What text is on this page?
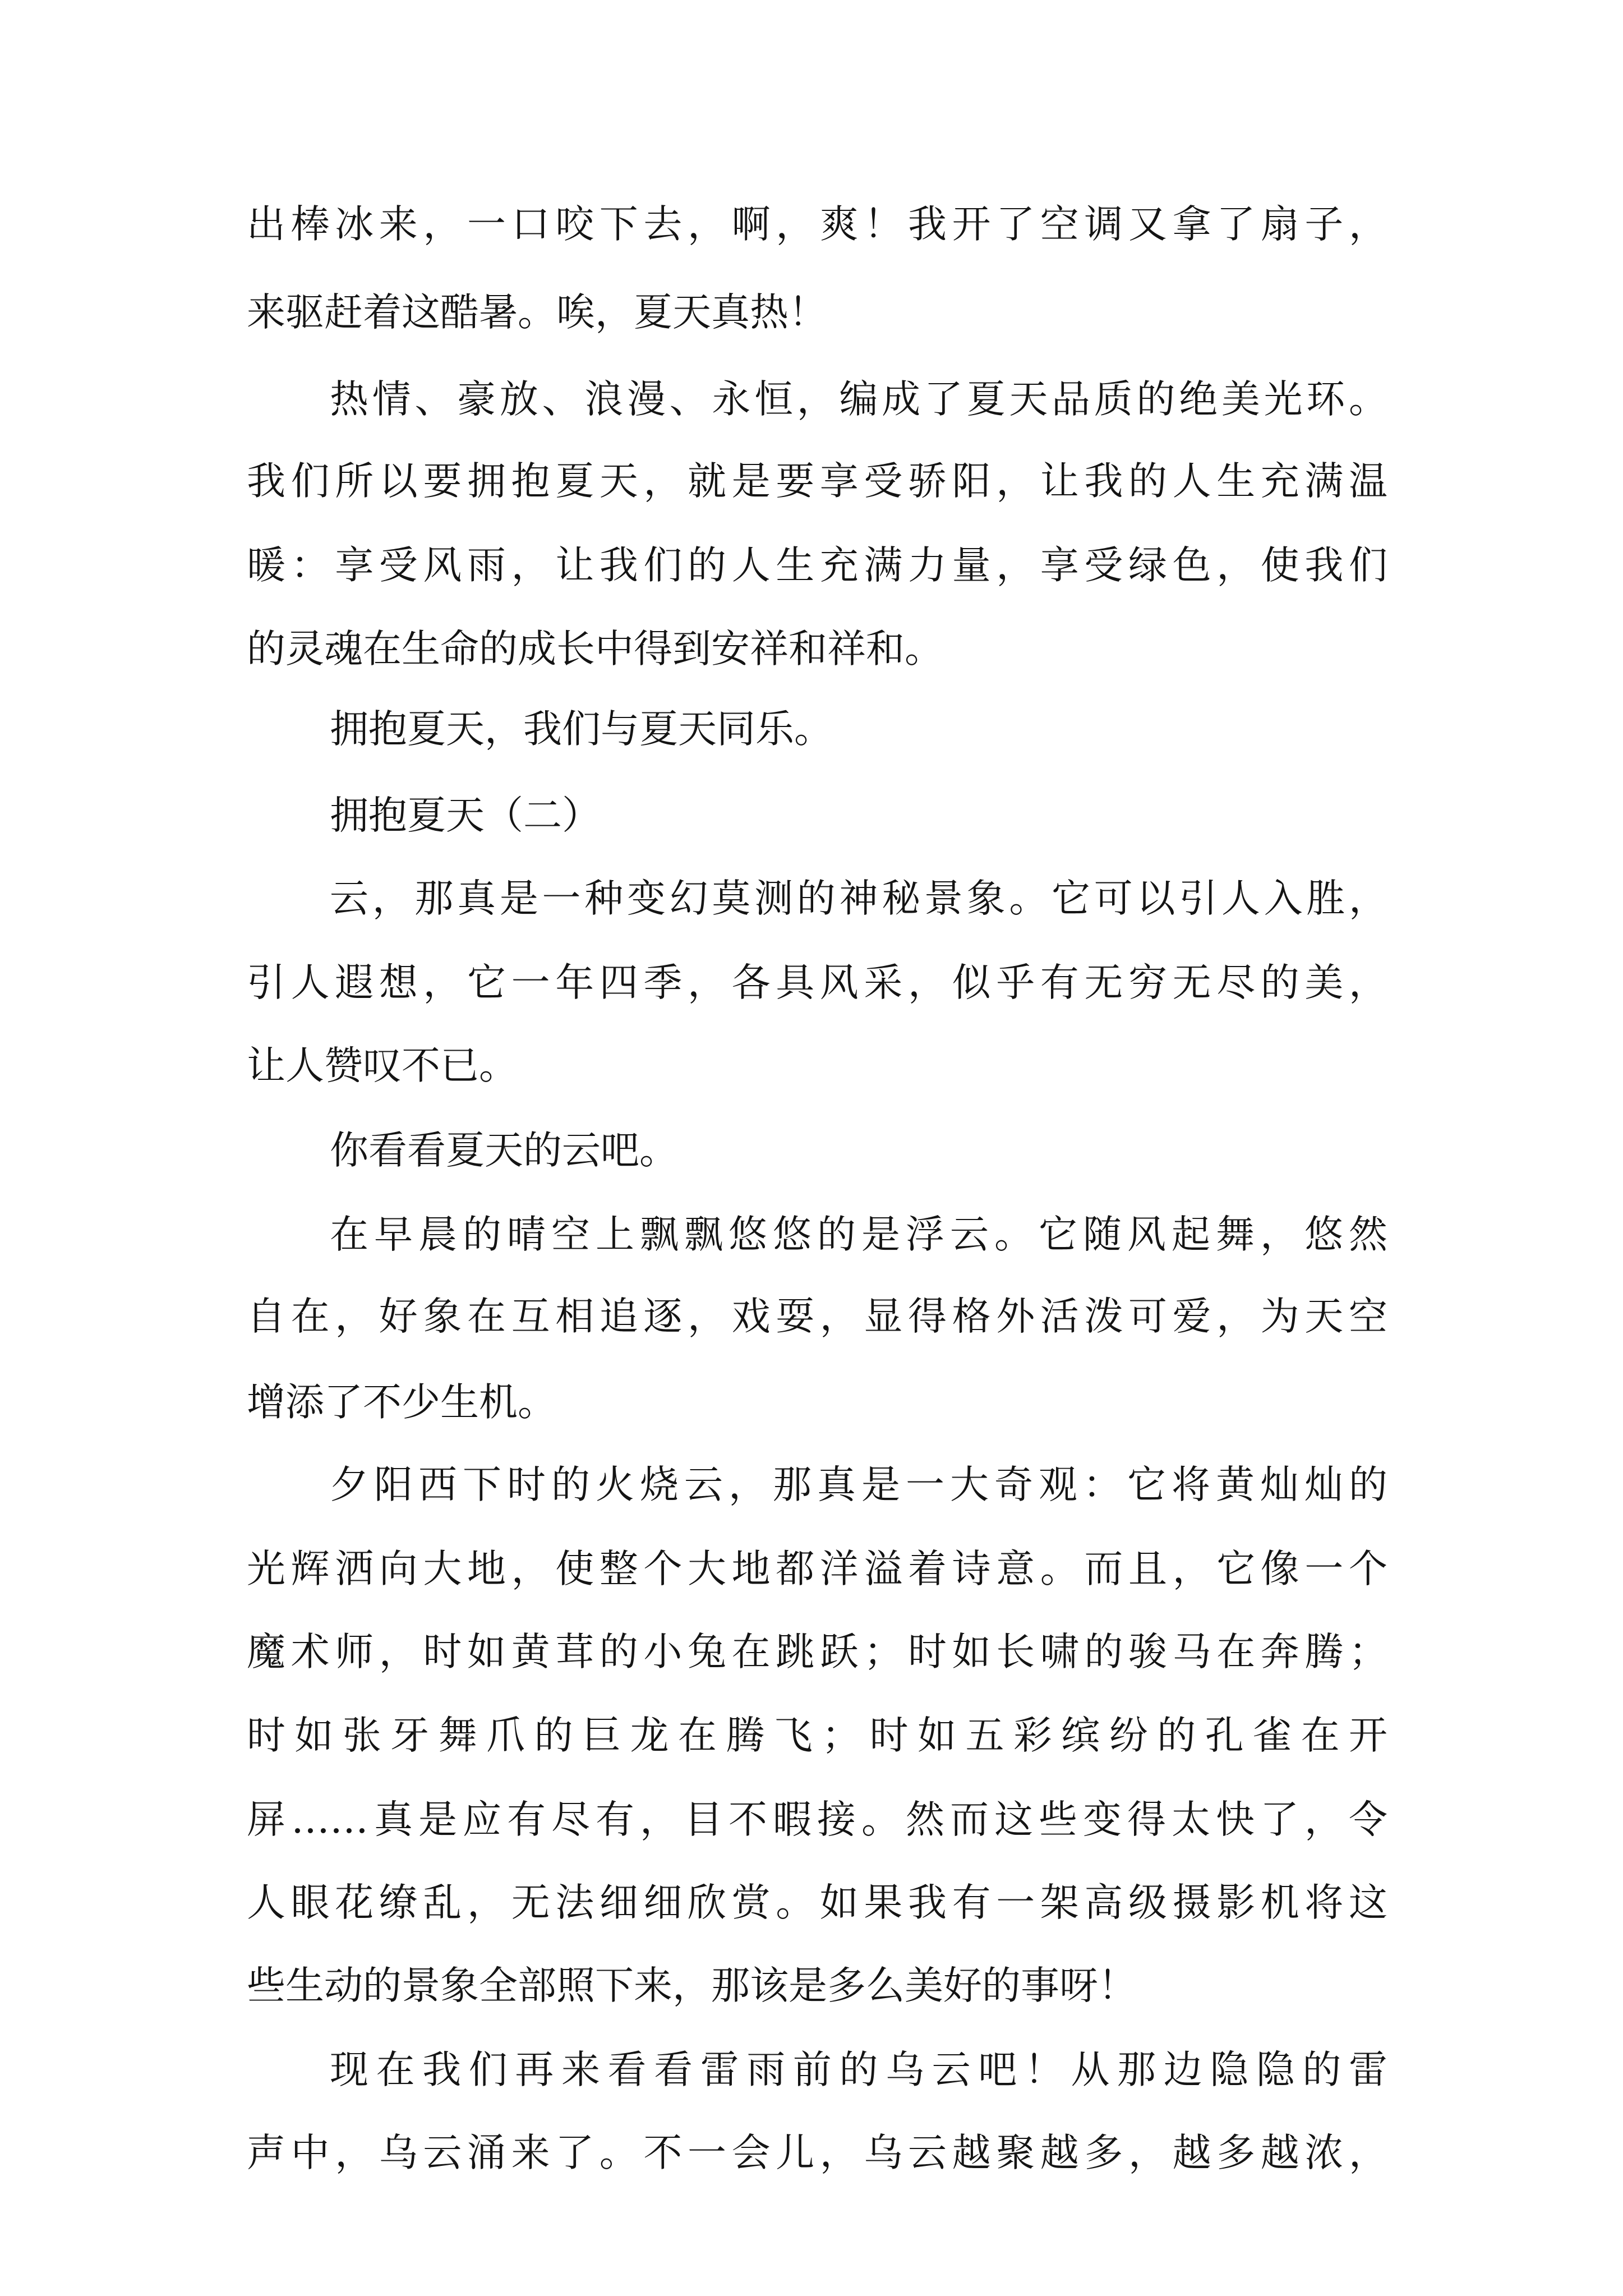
出棒冰来，一口咬下去，啊，爽！我开了空调又拿了扇子，
来驱赶着这酷暑。唉，夏天真热！
热情、豪放、浪漫、永恒，编成了夏天品质的绝美光环。
我们所以要拥抱夏天，就是要享受骄阳，让我的人生充满温
暖：享受风雨，让我们的人生充满力量，享受绿色，使我们
的灵魂在生命的成长中得到安祥和祥和。
拥抱夏天，我们与夏天同乐。
拥抱夏天（二）
云，那真是一种变幻莫测的神秘景象。它可以引人入胜，
引人遐想，它一年四季，各具风采，似乎有无穷无尽的美，
让人赞叹不已。
你看看夏天的云吧。
在早晨的晴空上飘飘悠悠的是浮云。它随风起舞，悠然
自在，好象在互相追逐，戏耍，显得格外活泼可爱，为天空
增添了不少生机。
夕阳西下时的火烧云，那真是一大奇观：它将黄灿灿的
光辉洒向大地，使整个大地都洋溢着诗意。而且，它像一个
魔术师，时如黄茸的小兔在跳跃；时如长啸的骏马在奔腾；
时如张牙舞爪的巨龙在腾飞；时如五彩缤纷的孔雀在开
屏……真是应有尽有，目不暇接。然而这些变得太快了，令
人眼花缭乱，无法细细欣赏。如果我有一架高级摄影机将这
些生动的景象全部照下来，那该是多么美好的事呀！
现在我们再来看看雷雨前的乌云吧！从那边隐隐的雷
声中，乌云涌来了。不一会儿，乌云越聚越多，越多越浓，
